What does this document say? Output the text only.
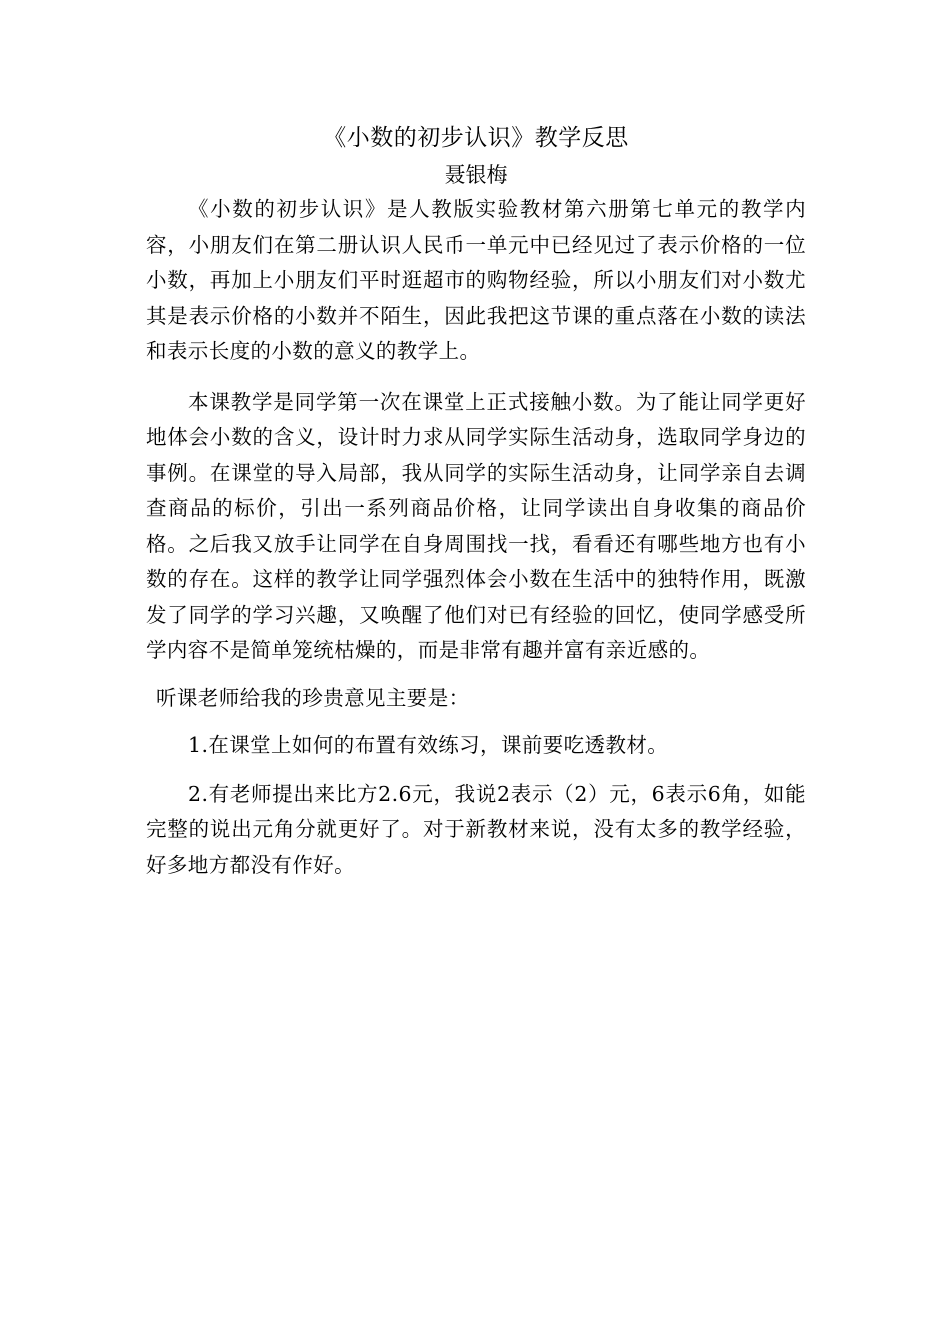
《小数的初步认识》教学反思
聂银梅

《小数的初步认识》是人教版实验教材第六册第七单元的教学内容，小朋友们在第二册认识人民币一单元中已经见过了表示价格的一位小数，再加上小朋友们平时逛超市的购物经验，所以小朋友们对小数尤其是表示价格的小数并不陌生，因此我把这节课的重点落在小数的读法和表示长度的小数的意义的教学上。

本课教学是同学第一次在课堂上正式接触小数。为了能让同学更好地体会小数的含义，设计时力求从同学实际生活动身，选取同学身边的事例。在课堂的导入局部，我从同学的实际生活动身，让同学亲自去调查商品的标价，引出一系列商品价格，让同学读出自身收集的商品价格。之后我又放手让同学在自身周围找一找，看看还有哪些地方也有小数的存在。这样的教学让同学强烈体会小数在生活中的独特作用，既激发了同学的学习兴趣，又唤醒了他们对已有经验的回忆，使同学感受所学内容不是简单笼统枯燥的，而是非常有趣并富有亲近感的。

听课老师给我的珍贵意见主要是：

1.在课堂上如何的布置有效练习，课前要吃透教材。

2.有老师提出来比方2.6元，我说2表示（2）元，6表示6角，如能完整的说出元角分就更好了。对于新教材来说，没有太多的教学经验，好多地方都没有作好。
